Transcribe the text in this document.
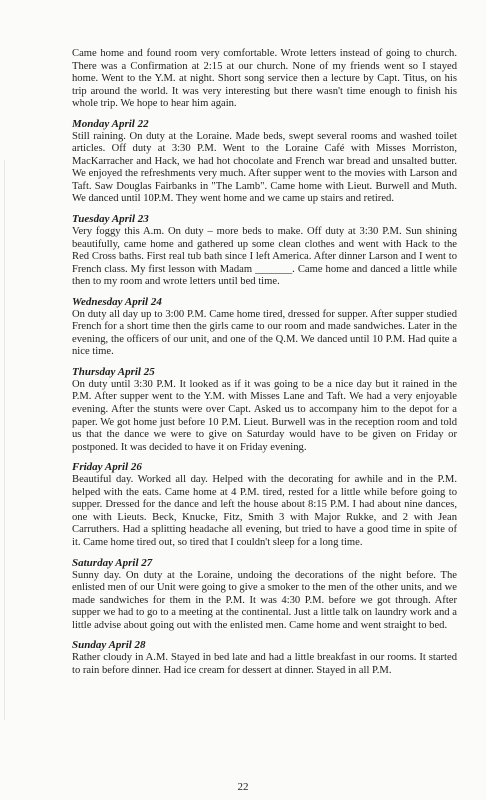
Came home and found room very comfortable. Wrote letters instead of going to church. There was a Confirmation at 2:15 at our church. None of my friends went so I stayed home. Went to the Y.M. at night. Short song service then a lecture by Capt. Titus, on his trip around the world. It was very interesting but there wasn't time enough to finish his whole trip. We hope to hear him again.

Monday April 22

Still raining. On duty at the Loraine. Made beds, swept several rooms and washed toilet articles. Off duty at 3:30 P.M. Went to the Loraine Café with Misses Morriston, MacKarracher and Hack, we had hot chocolate and French war bread and unsalted butter. We enjoyed the refreshments very much. After supper went to the movies with Larson and Taft. Saw Douglas Fairbanks in "The Lamb". Came home with Lieut. Burwell and Muth. We danced until 10P.M. They went home and we came up stairs and retired.

Tuesday April 23

Very foggy this A.m. On duty – more beds to make. Off duty at 3:30 P.M. Sun shining beautifully, came home and gathered up some clean clothes and went with Hack to the Red Cross baths. First real tub bath since I left America. After dinner Larson and I went to French class. My first lesson with Madam _______. Came home and danced a little while then to my room and wrote letters until bed time.

Wednesday April 24

On duty all day up to 3:00 P.M. Came home tired, dressed for supper. After supper studied French for a short time then the girls came to our room and made sandwiches. Later in the evening, the officers of our unit, and one of the Q.M. We danced until 10 P.M. Had quite a nice time.

Thursday April 25

On duty until 3:30 P.M. It looked as if it was going to be a nice day but it rained in the P.M. After supper went to the Y.M. with Misses Lane and Taft. We had a very enjoyable evening. After the stunts were over Capt. Asked us to accompany him to the depot for a paper. We got home just before 10 P.M. Lieut. Burwell was in the reception room and told us that the dance we were to give on Saturday would have to be given on Friday or postponed. It was decided to have it on Friday evening.

Friday April 26

Beautiful day. Worked all day. Helped with the decorating for awhile and in the P.M. helped with the eats. Came home at 4 P.M. tired, rested for a little while before going to supper. Dressed for the dance and left the house about 8:15 P.M. I had about nine dances, one with Lieuts. Beck, Knucke, Fitz, Smith 3 with Major Rukke, and 2 with Jean Carruthers. Had a splitting headache all evening, but tried to have a good time in spite of it. Came home tired out, so tired that I couldn't sleep for a long time.

Saturday April 27

Sunny day. On duty at the Loraine, undoing the decorations of the night before. The enlisted men of our Unit were going to give a smoker to the men of the other units, and we made sandwiches for them in the P.M. It was 4:30 P.M. before we got through. After supper we had to go to a meeting at the continental. Just a little talk on laundry work and a little advise about going out with the enlisted men. Came home and went straight to bed.

Sunday April 28

Rather cloudy in A.M. Stayed in bed late and had a little breakfast in our rooms. It started to rain before dinner. Had ice cream for dessert at dinner. Stayed in all P.M.

22
